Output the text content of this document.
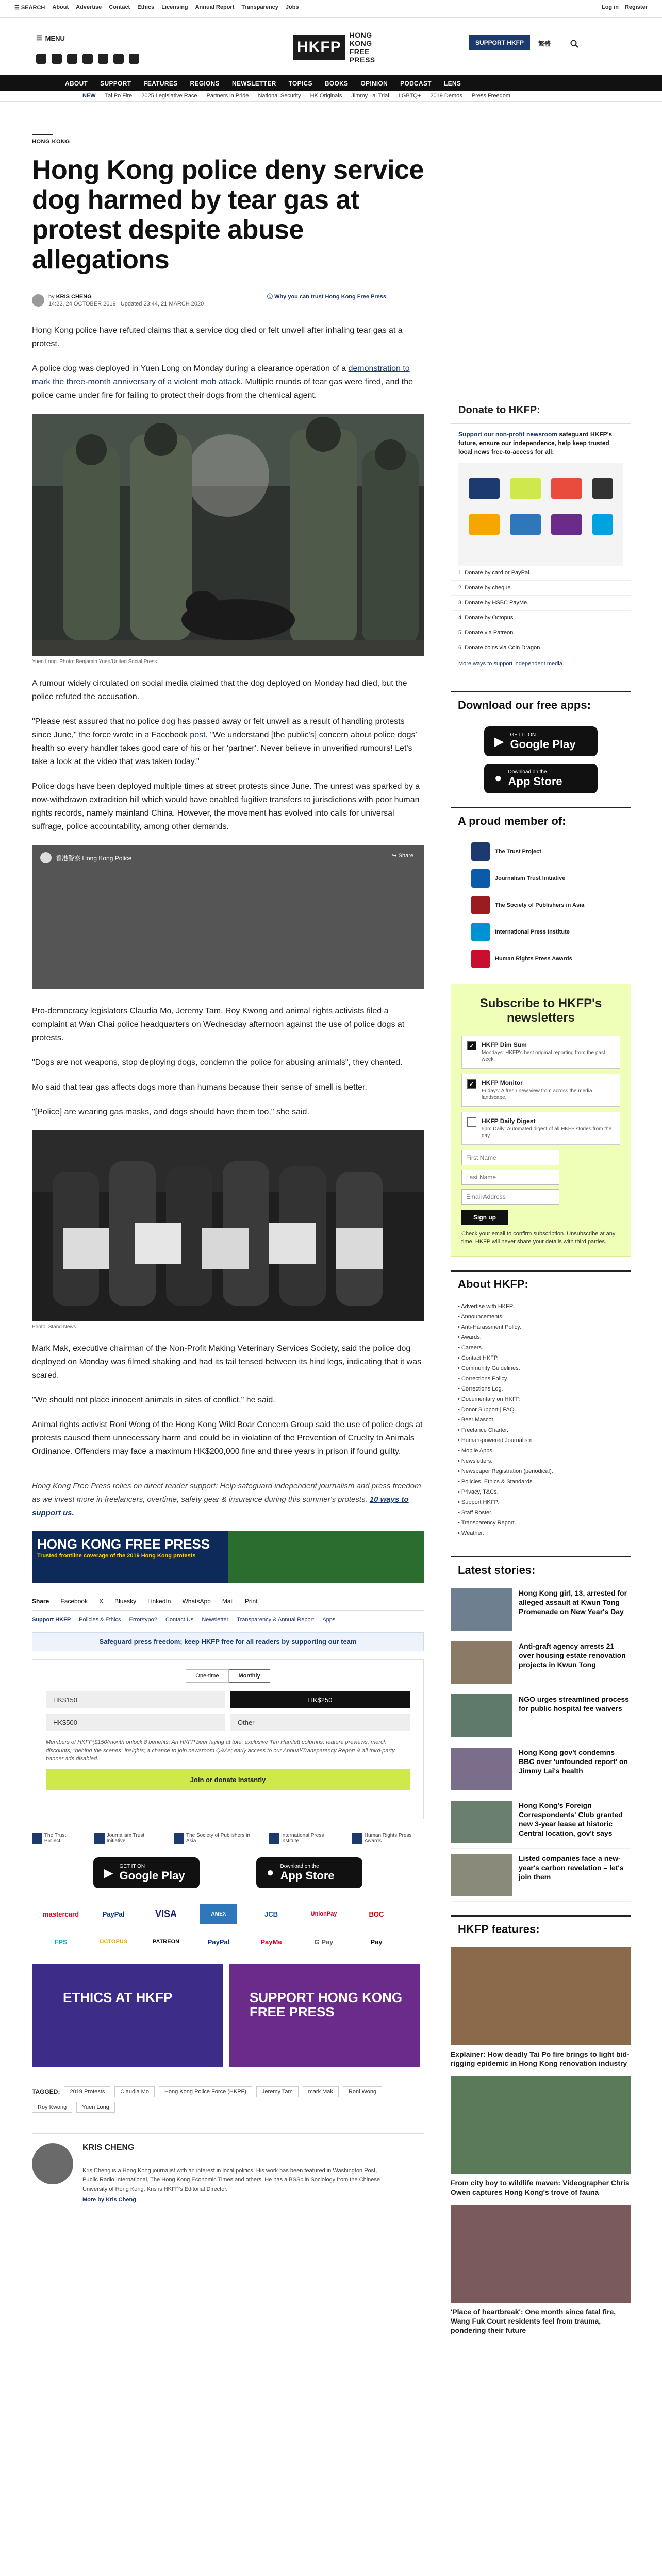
☰ SEARCH About Advertise Contact Ethics Licensing Annual Report Transparency Jobs	Log in Register
☰ MENU
HKFP
HONG KONG
FREE PRESS
SUPPORT HKFP	繁體
ABOUT SUPPORT FEATURES REGIONS NEWSLETTER TOPICS BOOKS OPINION PODCAST LENS
NEW Tai Po Fire 2025 Legislative Race Partners in Pride National Security HK Originals Jimmy Lai Trial LGBTQ+ 2019 Demos Press Freedom
HONG KONG
Hong Kong police deny service dog harmed by tear gas at protest despite abuse allegations
by KRIS CHENG
14:22, 24 OCTOBER 2019 Updated 23:44, 21 MARCH 2020
ⓘ Why you can trust Hong Kong Free Press

Hong Kong police have refuted claims that a service dog died or felt unwell after inhaling tear gas at a protest.

A police dog was deployed in Yuen Long on Monday during a clearance operation of a demonstration to mark the three-month anniversary of a violent mob attack. Multiple rounds of tear gas were fired, and the police came under fire for failing to protect their dogs from the chemical agent.

Yuen Long. Photo: Benjamin Yuen/United Social Press.

A rumour widely circulated on social media claimed that the dog deployed on Monday had died, but the police refuted the accusation.

"Please rest assured that no police dog has passed away or felt unwell as a result of handling protests since June," the force wrote in a Facebook post. "We understand [the public's] concern about police dogs' health so every handler takes good care of his or her 'partner'. Never believe in unverified rumours! Let's take a look at the video that was taken today."

Police dogs have been deployed multiple times at street protests since June. The unrest was sparked by a now-withdrawn extradition bill which would have enabled fugitive transfers to jurisdictions with poor human rights records, namely mainland China. However, the movement has evolved into calls for universal suffrage, police accountability, among other demands.

香港警察 Hong Kong Police	↪ Share

Pro-democracy legislators Claudia Mo, Jeremy Tam, Roy Kwong and animal rights activists filed a complaint at Wan Chai police headquarters on Wednesday afternoon against the use of police dogs at protests.

"Dogs are not weapons, stop deploying dogs, condemn the police for abusing animals", they chanted.

Mo said that tear gas affects dogs more than humans because their sense of smell is better.

"[Police] are wearing gas masks, and dogs should have them too," she said.

Photo: Stand News.

Mark Mak, executive chairman of the Non-Profit Making Veterinary Services Society, said the police dog deployed on Monday was filmed shaking and had its tail tensed between its hind legs, indicating that it was scared.

"We should not place innocent animals in sites of conflict," he said.

Animal rights activist Roni Wong of the Hong Kong Wild Boar Concern Group said the use of police dogs at protests caused them unnecessary harm and could be in violation of the Prevention of Cruelty to Animals Ordinance. Offenders may face a maximum HK$200,000 fine and three years in prison if found guilty.

Hong Kong Free Press relies on direct reader support: Help safeguard independent journalism and press freedom as we invest more in freelancers, overtime, safety gear & insurance during this summer's protests. 10 ways to support us.

HONG KONG FREE PRESS
Trusted frontline coverage of the 2019 Hong Kong protests
Share Facebook X Bluesky LinkedIn WhatsApp Mail Print
Support HKFP Policies & Ethics Error/typo? Contact Us Newsletter Transparency & Annual Report Apps
Safeguard press freedom; keep HKFP free for all readers by supporting our team
One-time	Monthly
HK$150	HK$250
HK$500	Other
Members of HKFP($150/month onlock 8 benefits: An HKFP beer laying at tote, exclusive Tim Hamlett columns; feature previews; merch discounts; "behind the scenes" insights; a chance to join newsroom Q&As; early access to our Annual/Transparency Report & all third-party banner ads disabled.
Join or donate instantly
The Trust Project
Journalism Trust Initiative
The Society of Publishers in Asia
International Press Institute
Human Rights Press Awards
▶ GET IT ON
Google Play	● Download on the
App Store
mastercard	PayPal	VISA	AMEX	JCB	UnionPay	BOC
FPS	OCTOPUS	PATREON	PayPal	PayMe	G Pay	Pay
ETHICS AT HKFP	SUPPORT HONG KONG FREE PRESS
TAGGED:	2019 Protests	Claudia Mo	Hong Kong Police Force (HKPF)	Jeremy Tam	mark Mak	Roni Wong
Roy Kwong	Yuen Long
KRIS CHENG
Kris Cheng is a Hong Kong journalist with an interest in local politics. His work has been featured in Washington Post, Public Radio International, The Hong Kong Economic Times and others. He has a BSSc in Sociology from the Chinese University of Hong Kong. Kris is HKFP's Editorial Director.
More by Kris Cheng
Donate to HKFP:
Support our non-profit newsroom safeguard HKFP's future, ensure our independence, help keep trusted local news free-to-access for all:
1. Donate by card or PayPal.
2. Donate by cheque.
3. Donate by HSBC PayMe.
4. Donate by Octopus.
5. Donate via Patreon.
6. Donate coins via Coin Dragon.
More ways to support independent media.
Download our free apps:
▶ GET IT ON
Google Play
● Download on the
App Store
A proud member of:
The Trust Project
Journalism Trust Initiative
The Society of Publishers in Asia
International Press Institute
Human Rights Press Awards
Subscribe to HKFP's newsletters
✓	HKFP Dim Sum
Mondays: HKFP's best original reporting from the past week.
✓	HKFP Monitor
Fridays: A fresh new view from across the media landscape.
HKFP Daily Digest
5pm Daily: Automated digest of all HKFP stories from the day.
First Name
Last Name
Email Address
Sign up
Check your email to confirm subscription. Unsubscribe at any time. HKFP will never share your details with third parties.
About HKFP:
• Advertise with HKFP.
• Announcements.
• Anti-Harassment Policy.
• Awards.
• Careers.
• Contact HKFP.
• Community Guidelines.
• Corrections Policy.
• Corrections Log.
• Documentary on HKFP.
• Donor Support | FAQ.
• Beer Mascot.
• Freelance Charter.
• Human-powered Journalism.
• Mobile Apps.
• Newsletters.
• Newspaper Registration (periodical).
• Policies, Ethics & Standards.
• Privacy, T&Cs.
• Support HKFP.
• Staff Roster.
• Transparency Report.
• Weather.
Latest stories:
Hong Kong girl, 13, arrested for alleged assault at Kwun Tong Promenade on New Year's Day
Anti-graft agency arrests 21 over housing estate renovation projects in Kwun Tong
NGO urges streamlined process for public hospital fee waivers
Hong Kong gov't condemns BBC over 'unfounded report' on Jimmy Lai's health
Hong Kong's Foreign Correspondents' Club granted new 3-year lease at historic Central location, gov't says
Listed companies face a new-year's carbon revelation – let's join them
HKFP features:
Explainer: How deadly Tai Po fire brings to light bid-rigging epidemic in Hong Kong renovation industry
From city boy to wildlife maven: Videographer Chris Owen captures Hong Kong's trove of fauna
'Place of heartbreak': One month since fatal fire, Wang Fuk Court residents feel from trauma, pondering their future
